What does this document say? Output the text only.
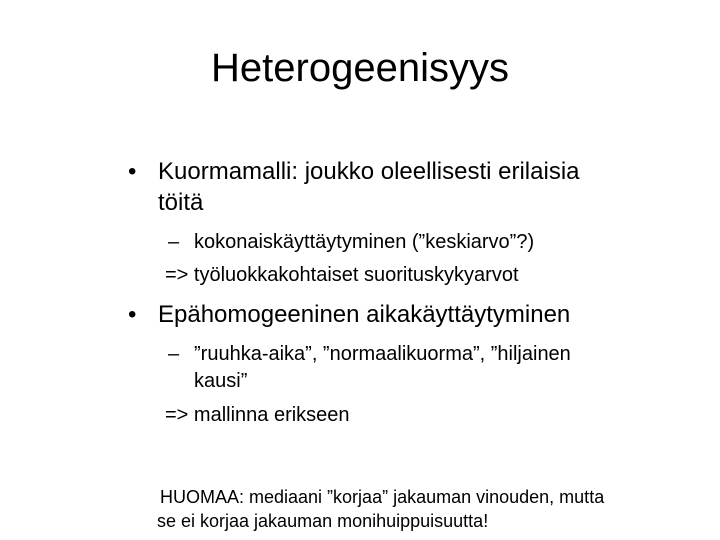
Heterogeenisyys
• Kuormamalli: joukko oleellisesti erilaisia
töitä
– kokonaiskäyttäytyminen (”keskiarvo”?)
=> työluokkakohtaiset suorituskykyarvot
• Epähomogeeninen aikakäyttäytyminen
– ”ruuhka-aika”, ”normaalikuorma”, ”hiljainen
kausi”
=> mallinna erikseen
HUOMAA: mediaani ”korjaa” jakauman vinouden, mutta
se ei korjaa jakauman monihuippuisuutta!
